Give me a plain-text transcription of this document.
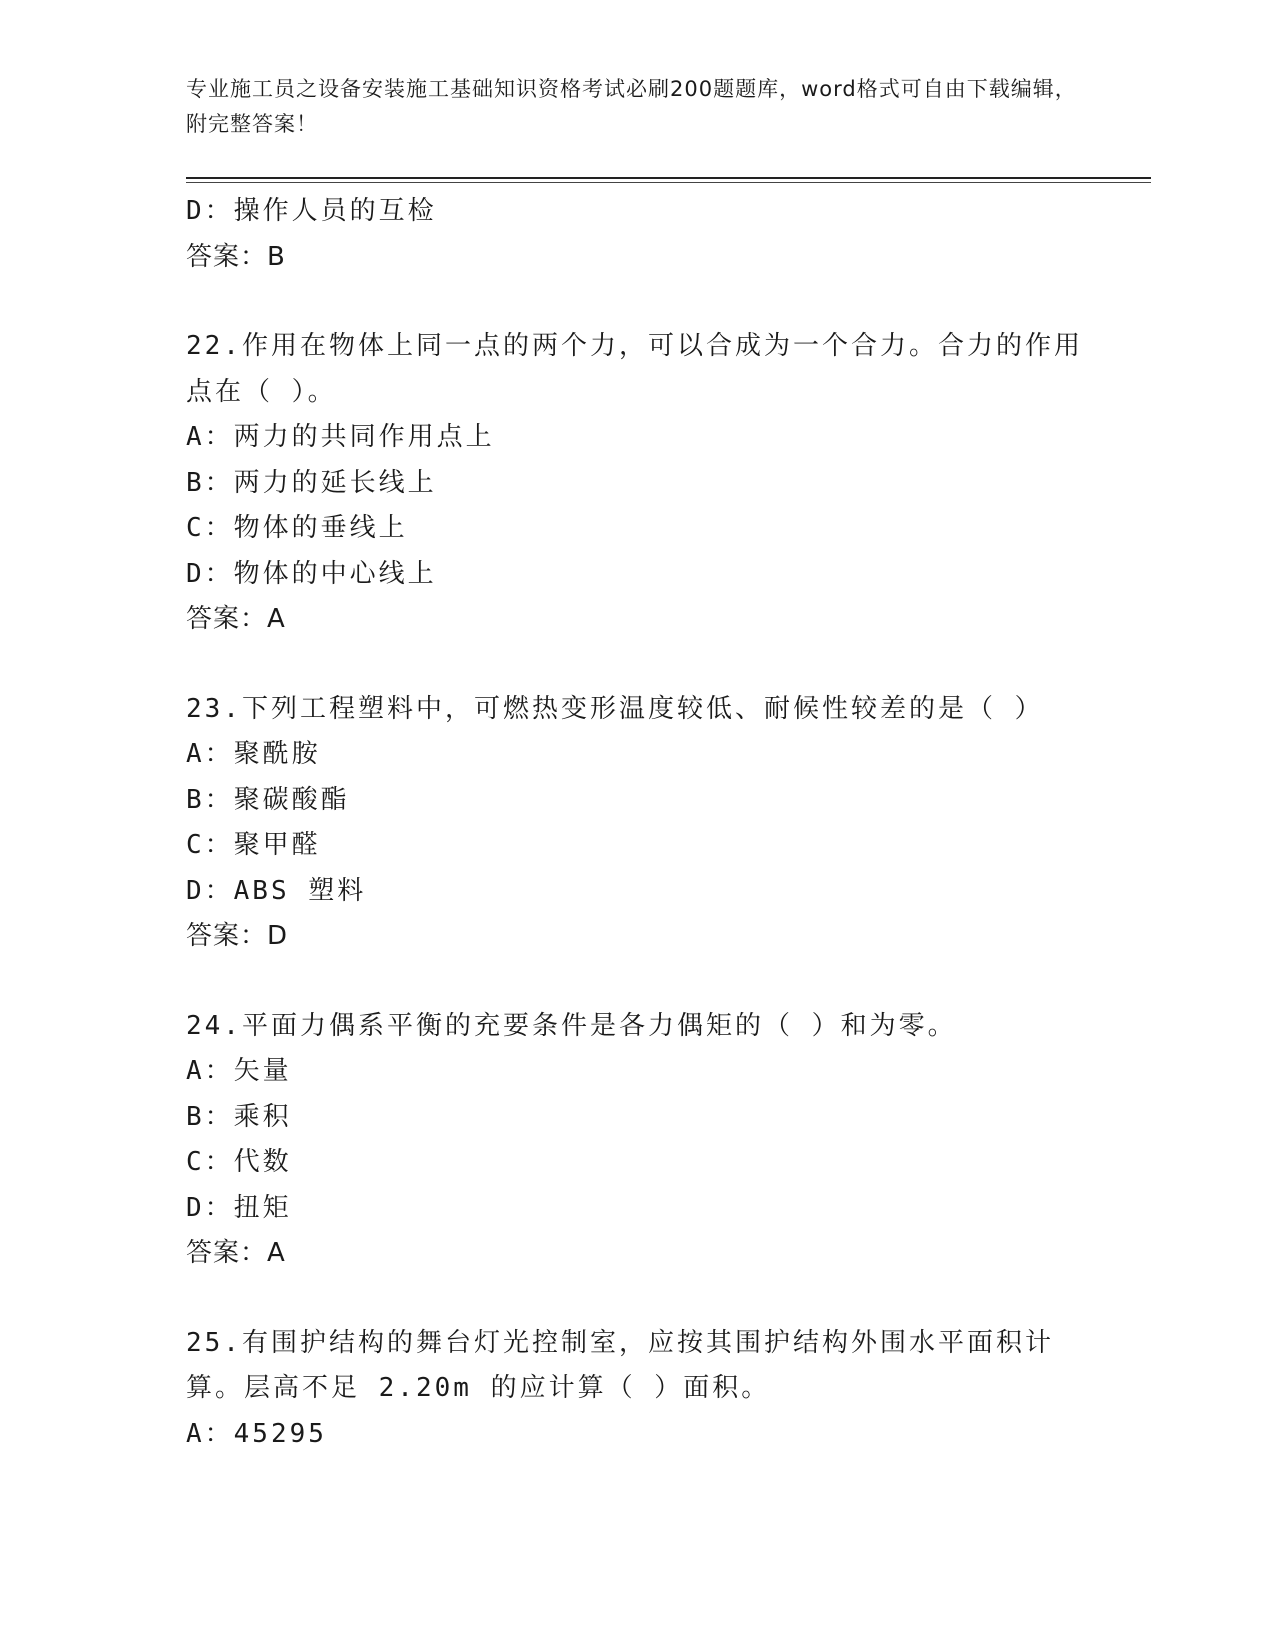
专业施工员之设备安装施工基础知识资格考试必刷200题题库，word格式可自由下载编辑，附完整答案！
D：操作人员的互检
答案：B
22.作用在物体上同一点的两个力，可以合成为一个合力。合力的作用点在（ ）。
A：两力的共同作用点上
B：两力的延长线上
C：物体的垂线上
D：物体的中心线上
答案：A
23.下列工程塑料中，可燃热变形温度较低、耐候性较差的是（ ）
A：聚酰胺
B：聚碳酸酯
C：聚甲醛
D：ABS 塑料
答案：D
24.平面力偶系平衡的充要条件是各力偶矩的（ ）和为零。
A：矢量
B：乘积
C：代数
D：扭矩
答案：A
25.有围护结构的舞台灯光控制室，应按其围护结构外围水平面积计算。层高不足 2.20m 的应计算（ ）面积。
A：45295
